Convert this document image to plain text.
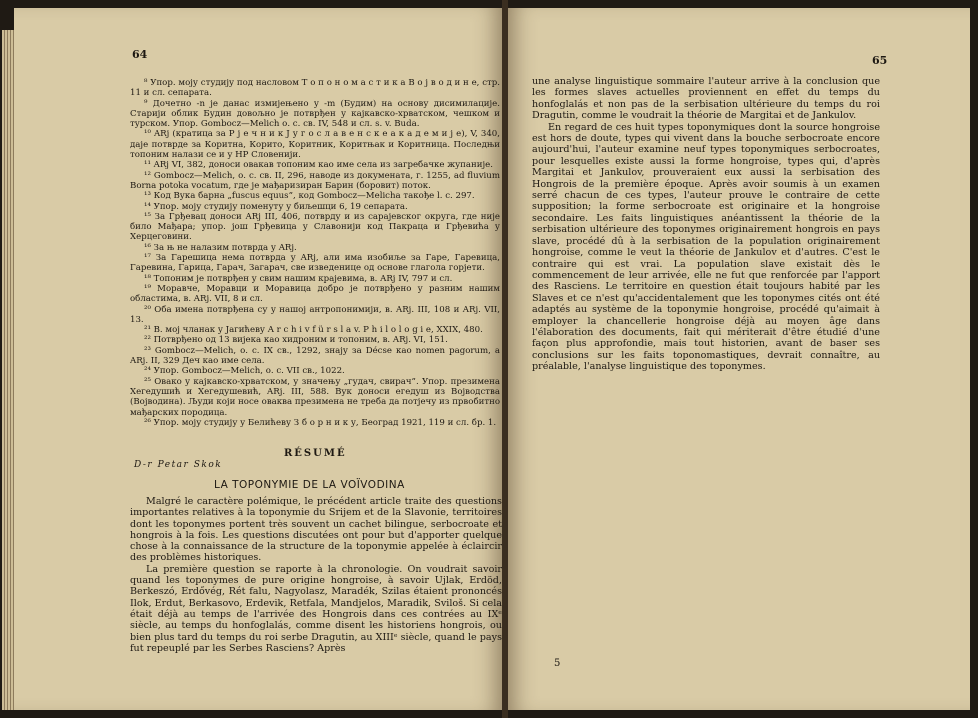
64

⁸ Упор. моју студију под насловом Т о п о н о м а с т и к а В о ј в о д и н е, стр. 11 и сл. сепарата.

⁹ Дочетно -n је данас измијењено у -m (Будим) на основу дисимилације. Старији облик Будин довољно је потврђен у кајкавско-хрватском, чешком и турском. Упор. Gombocz—Melich о. с. св. IV, 548 и сл. s. v. Buda.

¹⁰ ARj (кратица за Р ј е ч н и к Ј у г о с л а в е н с к е а к а д е м и ј е), V, 340, даје потврде за Коритна, Корито, Коритник, Коритњак и Коритница. Последњи топоним налази се и у НР Словенији.

¹¹ ARj VI, 382, доноси овакав топоним као име села из загребачке жупаније.

¹² Gombocz—Melich, о. с. св. II, 296, наводе из докумената, г. 1255, ad fluvium Borna potoka vocatum, где је мађаризиран Барин (боровит) поток.

¹³ Код Вука барна „fuscus equus”, код Gombocz—Melicha такође l. c. 297.

¹⁴ Упор. моју студију поменуту у биљешци 6, 19 сепарата.

¹⁵ За Грђевац доноси ARj III, 406, потврду и из сарајевског округа, где није било Мађара; упор. још Грђевица у Славонији код Пакраца и Грђевића у Херцеговини.

¹⁶ За њ не налазим потврда у ARj.

¹⁷ За Гарешица нема потврда у ARj, али има изобиље за Гаре, Гаревица, Гаревина, Гарица, Гарач, Загарач, све изведенице од основе глагола горјети.

¹⁸ Топоним је потврђен у свим нашим крајевима, в. ARj IV, 797 и сл.

¹⁹ Моравче, Моравци и Моравица добро је потврђено у разним нашим областима, в. ARj. VII, 8 и сл.

²⁰ Оба имена потврђена су у нашој антропонимији, в. ARj. III, 108 и ARj. VII, 13.

²¹ В. мој чланак у Јагићеву A r c h i v f ü r s l a v. P h i l o l o g i e, XXIX, 480.

²² Потврђено од 13 вијека као хидроним и топоним, в. ARj. VI, 151.

²³ Gombocz—Melich, о. с. IX св., 1292, знају за Décse као nomen pagorum, а ARj. II, 329 Деч као име села.

²⁴ Упор. Gombocz—Melich, о. с. VII св., 1022.

²⁵ Овако у кајкавско-хрватском, у значењу „гудач, свирач”. Упор. презимена Хегедушић и Хегедушевић, ARj. III, 588. Вук доноси егедуш из Војводства (Војводина). Људи који носе оваква презимена не треба да потјечу из првобитно мађарских породица.

²⁶ Упор. моју студију у Белићеву З б о р н и к у, Београд 1921, 119 и сл. бр. 1.

RÉSUMÉ
D-r Petar Skok
LA TOPONYMIE DE LA VOÏVODINA

Malgré le caractère polémique, le précédent article traite des questions importantes relatives à la toponymie du Srijem et de la Slavonie, territoires dont les toponymes portent très souvent un cachet bilingue, serbocroate et hongrois à la fois. Les questions discutées ont pour but d'apporter quelque chose à la connaissance de la structure de la toponymie appelée à éclaircir des problèmes historiques.

La première question se raporte à la chronologie. On voudrait savoir quand les toponymes de pure origine hongroise, à savoir Ujlak, Erdöd, Berkeszó, Erdővég, Rét falu, Nagyolasz, Maradék, Szilas étaient prononcés Ilok, Erdut, Berkasovo, Erdevik, Retfala, Mandjelos, Maradik, Sviloš. Si cela était déjà au temps de l'arrivée des Hongrois dans ces contrées au IXᵉ siècle, au temps du honfoglalás, comme disent les historiens hongrois, ou bien plus tard du temps du roi serbe Dragutin, au XIIIᵉ siècle, quand le pays fut repeuplé par les Serbes Rasciens? Après

65

une analyse linguistique sommaire l'auteur arrive à la conclusion que les formes slaves actuelles proviennent en effet du temps du honfoglalás et non pas de la serbisation ultérieure du temps du roi Dragutin, comme le voudrait la théorie de Margitai et de Jankulov.

En regard de ces huit types toponymiques dont la source hongroise est hors de doute, types qui vivent dans la bouche serbocroate encore aujourd'hui, l'auteur examine neuf types toponymiques serbocroates, pour lesquelles existe aussi la forme hongroise, types qui, d'après Margitai et Jankulov, prouveraient eux aussi la serbisation des Hongrois de la première époque. Après avoir soumis à un examen serré chacun de ces types, l'auteur prouve le contraire de cette supposition; la forme serbocroate est originaire et la hongroise secondaire. Les faits linguistiques anéantissent la théorie de la serbisation ultérieure des toponymes originairement hongrois en pays slave, procédé dû à la serbisation de la population originairement hongroise, comme le veut la théorie de Jankulov et d'autres. C'est le contraire qui est vrai. La population slave existait dès le commencement de leur arrivée, elle ne fut que renforcée par l'apport des Rasciens. Le territoire en question était toujours habité par les Slaves et ce n'est qu'accidentalement que les toponymes cités ont été adaptés au système de la toponymie hongroise, procédé qu'aimait à employer la chancellerie hongroise déjà au moyen âge dans l'élaboration des documents, fait qui mériterait d'être étudié d'une façon plus approfondie, mais tout historien, avant de baser ses conclusions sur les faits toponomastiques, devrait connaître, au préalable, l'analyse linguistique des toponymes.

5
